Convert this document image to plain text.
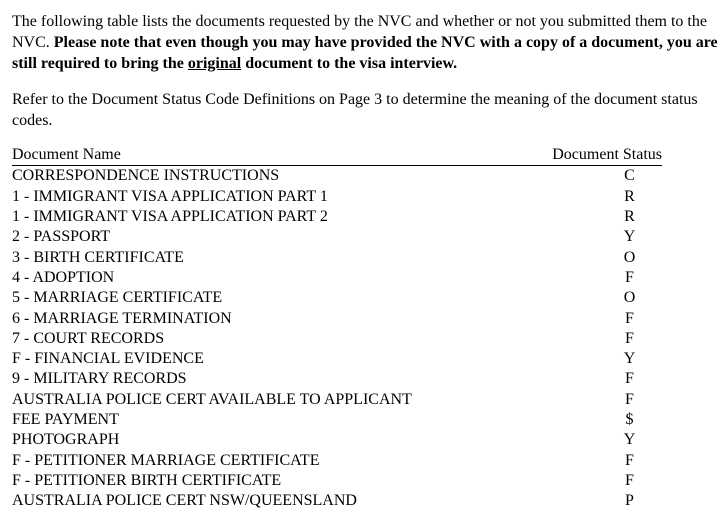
The following table lists the documents requested by the NVC and whether or not you submitted them to the NVC. Please note that even though you may have provided the NVC with a copy of a document, you are still required to bring the original document to the visa interview.

Refer to the Document Status Code Definitions on Page 3 to determine the meaning of the document status codes.

Document Name	Document Status
CORRESPONDENCE INSTRUCTIONS	C
1 - IMMIGRANT VISA APPLICATION PART 1	R
1 - IMMIGRANT VISA APPLICATION PART 2	R
2 - PASSPORT	Y
3 - BIRTH CERTIFICATE	O
4 - ADOPTION	F
5 - MARRIAGE CERTIFICATE	O
6 - MARRIAGE TERMINATION	F
7 - COURT RECORDS	F
F - FINANCIAL EVIDENCE	Y
9 - MILITARY RECORDS	F
AUSTRALIA POLICE CERT AVAILABLE TO APPLICANT	F
FEE PAYMENT	$
PHOTOGRAPH	Y
F - PETITIONER MARRIAGE CERTIFICATE	F
F - PETITIONER BIRTH CERTIFICATE	F
AUSTRALIA POLICE CERT NSW/QUEENSLAND	P
